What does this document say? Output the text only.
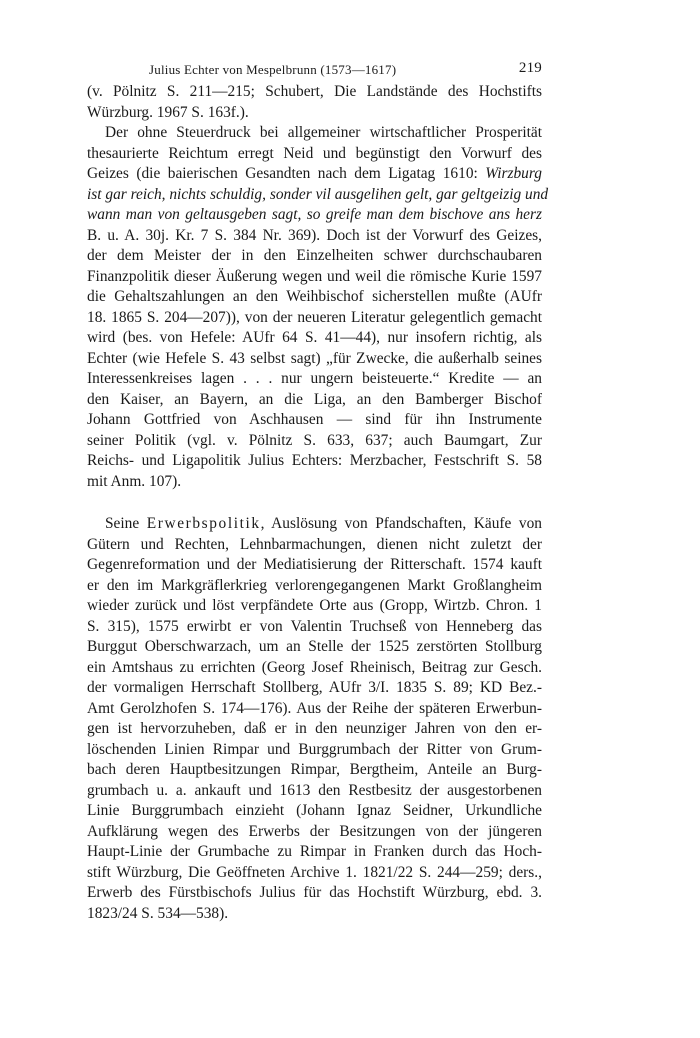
Julius Echter von Mespelbrunn (1573—1617)	219
(v. Pölnitz S. 211—215; Schubert, Die Landstände des Hochstifts
Würzburg. 1967 S. 163f.).
Der ohne Steuerdruck bei allgemeiner wirtschaftlicher Prosperität
thesaurierte Reichtum erregt Neid und begünstigt den Vorwurf des
Geizes (die baierischen Gesandten nach dem Ligatag 1610: Wirzburg
ist gar reich, nichts schuldig, sonder vil ausgelihen gelt, gar geltgeizig und
wann man von geltausgeben sagt, so greife man dem bischove ans herz
B. u. A. 30j. Kr. 7 S. 384 Nr. 369). Doch ist der Vorwurf des Geizes,
der dem Meister der in den Einzelheiten schwer durchschaubaren
Finanzpolitik dieser Äußerung wegen und weil die römische Kurie 1597
die Gehaltszahlungen an den Weihbischof sicherstellen mußte (AUfr
18. 1865 S. 204—207)), von der neueren Literatur gelegentlich gemacht
wird (bes. von Hefele: AUfr 64 S. 41—44), nur insofern richtig, als
Echter (wie Hefele S. 43 selbst sagt) „für Zwecke, die außerhalb seines
Interessenkreises lagen . . . nur ungern beisteuerte.“ Kredite — an
den Kaiser, an Bayern, an die Liga, an den Bamberger Bischof
Johann Gottfried von Aschhausen — sind für ihn Instrumente
seiner Politik (vgl. v. Pölnitz S. 633, 637; auch Baumgart, Zur
Reichs- und Ligapolitik Julius Echters: Merzbacher, Festschrift S. 58
mit Anm. 107).
Seine Erwerbspolitik, Auslösung von Pfandschaften, Käufe von
Gütern und Rechten, Lehnbarmachungen, dienen nicht zuletzt der
Gegenreformation und der Mediatisierung der Ritterschaft. 1574 kauft
er den im Markgräflerkrieg verlorengegangenen Markt Großlangheim
wieder zurück und löst verpfändete Orte aus (Gropp, Wirtzb. Chron. 1
S. 315), 1575 erwirbt er von Valentin Truchseß von Henneberg das
Burggut Oberschwarzach, um an Stelle der 1525 zerstörten Stollburg
ein Amtshaus zu errichten (Georg Josef Rheinisch, Beitrag zur Gesch.
der vormaligen Herrschaft Stollberg, AUfr 3/I. 1835 S. 89; KD Bez.-
Amt Gerolzhofen S. 174—176). Aus der Reihe der späteren Erwerbun-
gen ist hervorzuheben, daß er in den neunziger Jahren von den er-
löschenden Linien Rimpar und Burggrumbach der Ritter von Grum-
bach deren Hauptbesitzungen Rimpar, Bergtheim, Anteile an Burg-
grumbach u. a. ankauft und 1613 den Restbesitz der ausgestorbenen
Linie Burggrumbach einzieht (Johann Ignaz Seidner, Urkundliche
Aufklärung wegen des Erwerbs der Besitzungen von der jüngeren
Haupt-Linie der Grumbache zu Rimpar in Franken durch das Hoch-
stift Würzburg, Die Geöffneten Archive 1. 1821/22 S. 244—259; ders.,
Erwerb des Fürstbischofs Julius für das Hochstift Würzburg, ebd. 3.
1823/24 S. 534—538).
